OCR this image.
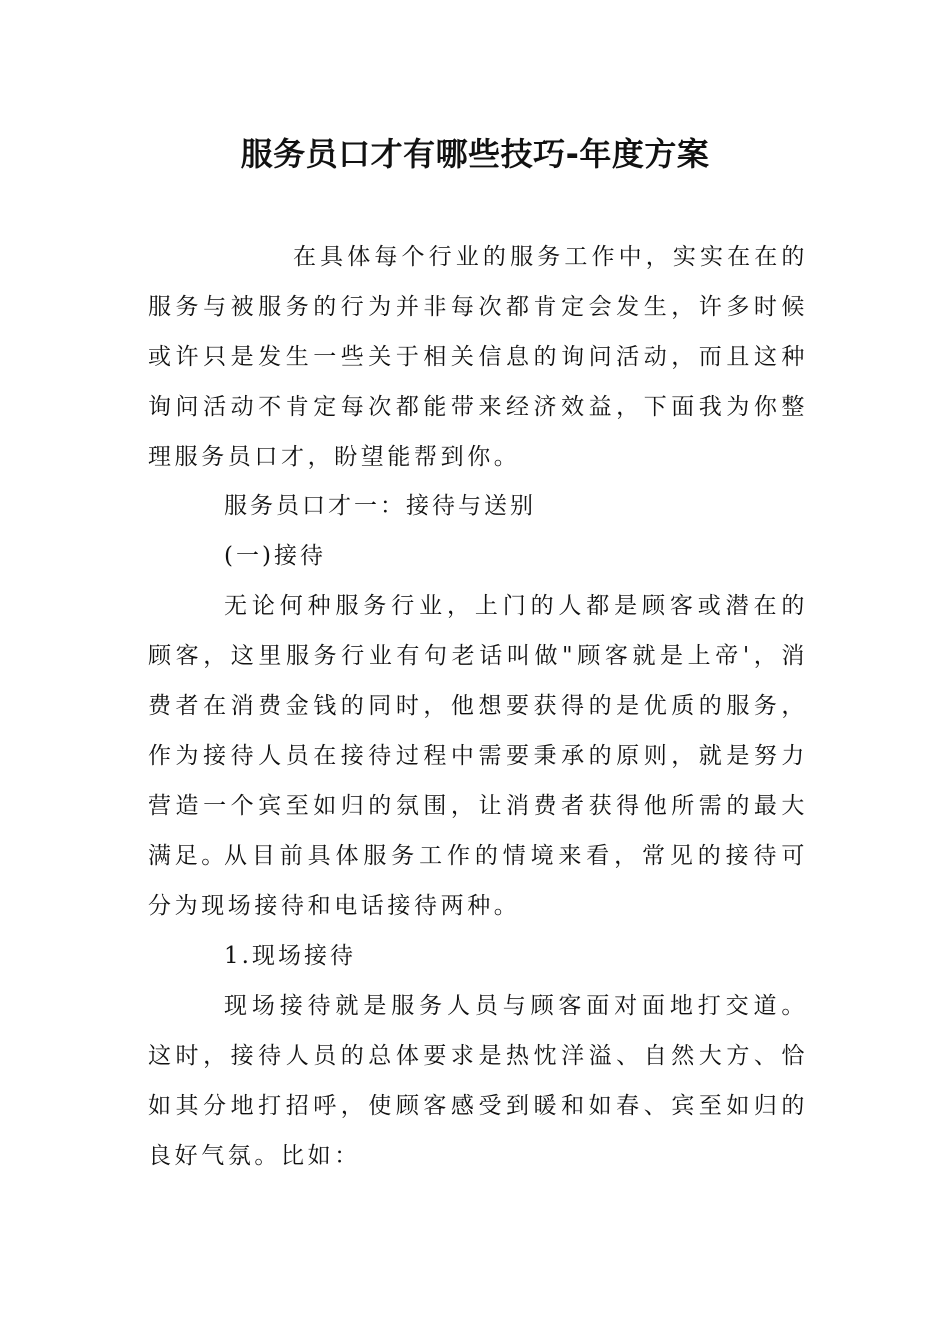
服务员口才有哪些技巧-年度方案

在具体每个行业的服务工作中，实实在在的服务与被服务的行为并非每次都肯定会发生，许多时候或许只是发生一些关于相关信息的询问活动，而且这种询问活动不肯定每次都能带来经济效益，下面我为你整理服务员口才，盼望能帮到你。

服务员口才一：接待与送别

(一)接待

无论何种服务行业，上门的人都是顾客或潜在的顾客，这里服务行业有句老话叫做"顾客就是上帝'，消费者在消费金钱的同时，他想要获得的是优质的服务，作为接待人员在接待过程中需要秉承的原则，就是努力营造一个宾至如归的氛围，让消费者获得他所需的最大满足。

从目前具体服务工作的情境来看，常见的接待可分为现场接待和电话接待两种。

1.现场接待

现场接待就是服务人员与顾客面对面地打交道。这时，接待人员的总体要求是热忱洋溢、自然大方、恰如其分地打招呼，使顾客感受到暖和如春、宾至如归的良好气氛。比如：
